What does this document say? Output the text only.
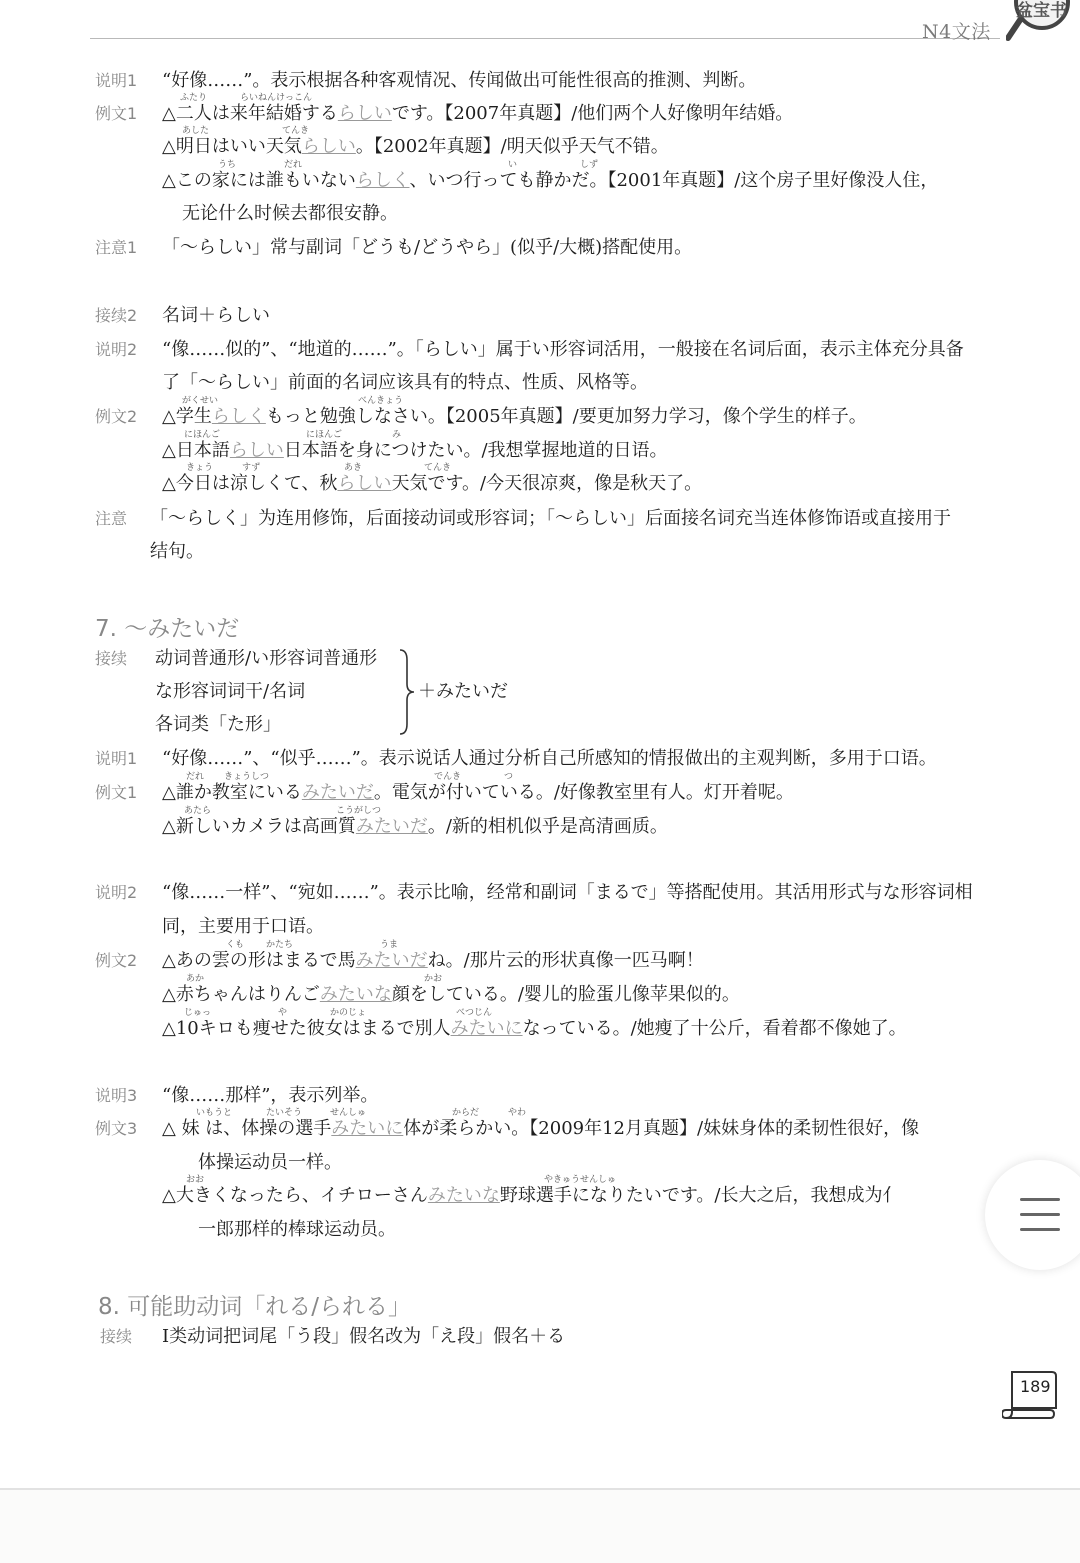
N4文法
盆宝书
说明1 “好像……”。表示根据各种客观情况、传闻做出可能性很高的推测、判断。
ふたり	らいねんけっこん
例文1 △二人は来年結婚するらしいです。【2007年真题】/他们两个人好像明年结婚。
あした	てんき
△明日はいい天気らしい。【2002年真题】/明天似乎天气不错。
うち	だれ	い	しず
△この家には誰もいないらしく、いつ行っても静かだ。【2001年真题】/这个房子里好像没人住，
无论什么时候去都很安静。
注意1 「～らしい」常与副词「どうも/どうやら」(似乎/大概)搭配使用。
接续2 名词＋らしい
说明2 “像……似的”、“地道的……”。「らしい」属于い形容词活用，一般接在名词后面，表示主体充分具备
了「～らしい」前面的名词应该具有的特点、性质、风格等。
がくせい	べんきょう
例文2 △学生らしくもっと勉強しなさい。【2005年真题】/要更加努力学习，像个学生的样子。
にほんご	にほんご	み
△日本語らしい日本語を身につけたい。/我想掌握地道的日语。
きょう	すず	あき	てんき
△今日は涼しくて、秋らしい天気です。/今天很凉爽，像是秋天了。
注意 「～らしく」为连用修饰，后面接动词或形容词；「～らしい」后面接名词充当连体修饰语或直接用于
结句。
7. ～みたいだ
接续 动词普通形/い形容词普通形
な形容词词干/名词
各词类「た形」
＋みたいだ
说明1 “好像……”、“似乎……”。表示说话人通过分析自己所感知的情报做出的主观判断，多用于口语。
だれ きょうしつ	でんき	つ
例文1 △誰か教室にいるみたいだ。電気が付いている。/好像教室里有人。灯开着呢。
あたら	こうがしつ
△新しいカメラは高画質みたいだ。/新的相机似乎是高清画质。
说明2 “像……一样”、“宛如……”。表示比喻，经常和副词「まるで」等搭配使用。其活用形式与な形容词相
同，主要用于口语。
くも かたち	うま
例文2 △あの雲の形はまるで馬みたいだね。/那片云的形状真像一匹马啊！
あか	かお
△赤ちゃんはりんごみたいな顔をしている。/婴儿的脸蛋儿像苹果似的。
じゅっ	や	かのじょ	べつじん
△10キロも痩せた彼女はまるで別人みたいになっている。/她瘦了十公斤，看着都不像她了。
说明3 “像……那样”，表示列举。
いもうと	たいそう	せんしゅ	からだ	やわ
例文3 △ 妹 は、体操の選手みたいに体が柔らかい。【2009年12月真题】/妹妹身体的柔韧性很好，像
体操运动员一样。
おお	やきゅうせんしゅ
△大きくなったら、イチローさんみたいな野球選手になりたいです。/长大之后，我想成为亻
一郎那样的棒球运动员。
8. 可能助动词「れる/られる」
接续 Ⅰ类动词把词尾「う段」假名改为「え段」假名＋る
189
